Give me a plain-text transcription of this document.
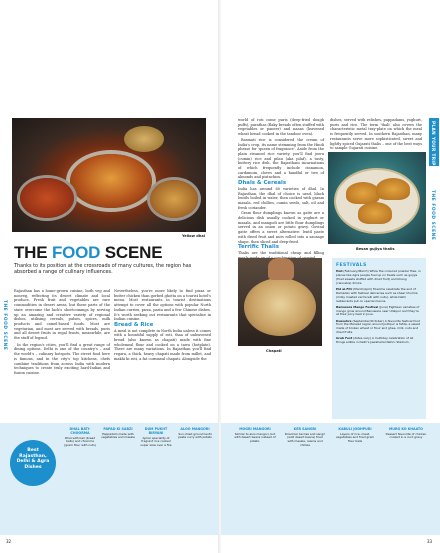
Yellow dhal
THE FOOD SCENE
THE FOOD SCENE
Thanks to its position at the crossroads of many cultures, the region has absorbed a range of culinary influences.

Rajasthan has a home-grown cuisine, both veg and nonveg, reflecting its desert climate and local produce. Fresh fruit and vegetables are rare commodities in desert areas, but these parts of the state overcome the lack's shortcomings by serving up an amazing and creative variety of regional dishes, utilising cereals, pulses, spices, milk products and camel-based foods. Most are vegetarian, and most are served with breads, puris and all desert fruits in regal feasts, meanwhile, are the stuff of legend.

In the region's cities, you'll find a great range of dining options. Delhi is one of the country's – and the world's – culinary hotspots. The street food here is famous, and in the city's top kitchens, chefs combine traditions from across India with modern techniques to create truly exciting hard-Indian and fusion cuisine.

Nevertheless, you're more likely to find pizza or butter chicken than gorbed ghotta on a tourist hotel's menu. Most restaurants in tourist destinations attempt to cover all the options with popular North Indian curries, pizza, pasta and a few Chinese dishes. It's worth seeking out restaurants that specialise in Indian cuisine.

Bread & Rice

A meal is not complete in North India unless it comes with a bountiful supply of roti, thaa of unleavened bread (also known as chapati) made with fine wholemeal flour and cooked on a tawa (hotplate). There are many variations. In Rajasthan you'll find regara, a thick, heavy chapati made from millet, and makhi ki roti, a fat cornmeal chapati. Alongside the

Best
Rajasthan,
Delhi & Agra
Dishes
DHAL BATI-CHOORMA
Dhal with ball (bread balls) and choorma (gram flour with nuts)
PAPAD KI SABZI
Pappadam made with vegetables and masala
DUM PUKHT BIRYANI
Ajmer speciality of fragrant rice cooked super slow over a fire
ALOO MANGORI
Sun-dried ground lentil paste curry with potato
32

world of roti come puris (deep-fried dough puffs), parathas (flaky breads often stuffed with vegetables or paneer) and naans (leavened wheat bread cooked in the tandoor oven).

Basmati rice is considered the cream of India's crop, its name stemming from the Hindi phrase for 'queen of fragrance'. Aside from the plain steamed rice variety, you'll find jeera (cumin) rice and pilau (aka pilaf), a tasty, buttery rice dish, the Rajasthani incarnations of which frequently include cinnamon, cardamom, cloves and a handful or two of almonds and pistachios.

Dhals & Cereals

India has around 60 varieties of dhal. In Rajasthan, the dhal of choice is urad, black lentils boiled in water, then cooked with garam masala, red chillies, cumin seeds, salt, oil and fresh coriander.

Gram flour dumplings known as gatte are a delicious dish usually cooked in yoghurt or masala, and mangodi are little flour dumplings served in an onion or potato gravy. Govind gatte offers a sweet alternative: lentil paste with dried fruit and nuts rolled into a sausage shape, then sliced and deep-fried.

Terrific Thalis

Thalis are the traditional cheap and filling

dishes, served with relishes, pappadams, yoghurt, puris and rice. The term 'thali' also covers the characteristic metal tray-plate on which the meal is frequently served. In southern Rajasthan, many restaurants serve more sophisticated, sweet and lightly spiced Gujarati thalis – one of the best ways to sample Gujarati cuisine.

Besan gujiya thalis
Chapati
FESTIVALS
Holi (February/March) While the coloured powder flies, in places like Agra people fuel up on treats such as gujiya (fried sweets stuffed with dried fruit) and bhang (cannabis) drinks.
Eid al-Fitr (March/April) Muslims celebrate the end of Ramadan with festival delicacies such as sheer khurma (milky roasted vermicelli with nuts), while Delhi restaurants put on special menus.
Banswara Mango Festival (June) Eighteen varieties of mango grow around Banswara near Udaipur and they're at their juicy best in June.
Dussehra (September/October) A favourite festival food from the Marwad region around Jodhpur is fafda, a sweet made of broken wheat or flour and ghee, milk, nuts and dried fruits.
Grub Fest (dates vary) A multiday celebration of all things edible in Delhi's Jawaharlal Nehru Stadium.
PLAN YOUR TRIP
THE FOOD SCENE
MOGRI MANGORI
Similar to aloo mangori, but with desert beans instead of potato.
KER SANGRI
Dried ker berries and sangri (wild desert beans) fried with masala, raisins and chillies
KABULI JODHPURI
Layers of rice, meat, vegetables and fried gram flour balls
MURG KO KHAATO
Dessert favourite of chicken cooked in a curd gravy
33
